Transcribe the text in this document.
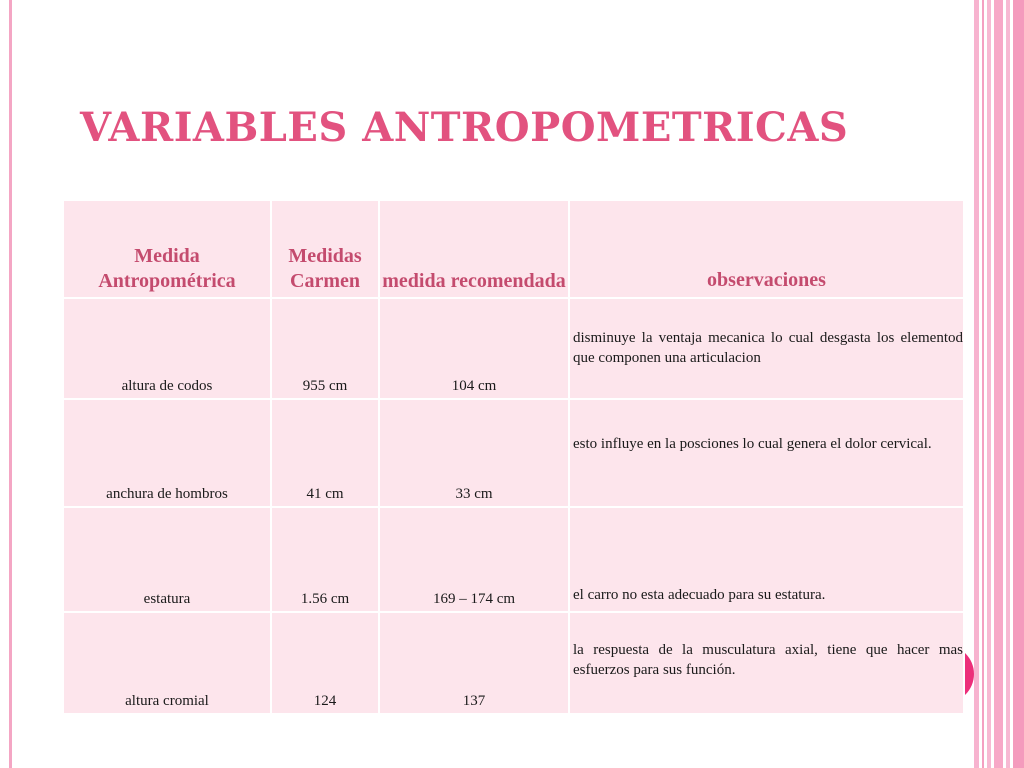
VARIABLES ANTROPOMETRICAS
Medida Antropométrica	Medidas Carmen	medida recomendada	observaciones
altura de codos	955 cm	104 cm	disminuye la ventaja mecanica lo cual desgasta los elementod que componen una articulacion

anchura de hombros	41 cm	33 cm	esto influye en la posciones lo cual genera el dolor cervical.

estatura	1.56 cm	169 – 174 cm	el carro no esta adecuado para su estatura.

altura cromial	124	137	la respuesta de la musculatura axial, tiene que hacer mas esfuerzos para sus función.
